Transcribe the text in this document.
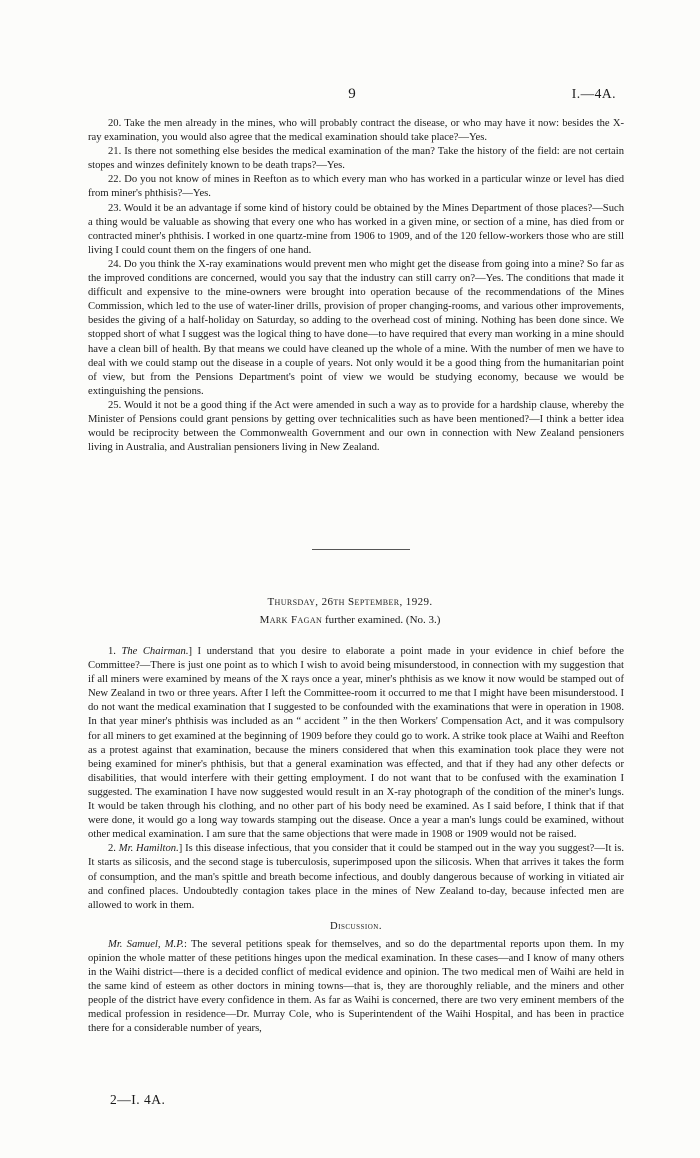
9	I.—4A.

20. Take the men already in the mines, who will probably contract the disease, or who may have it now: besides the X-ray examination, you would also agree that the medical examination should take place?—Yes.

21. Is there not something else besides the medical examination of the man? Take the history of the field: are not certain stopes and winzes definitely known to be death traps?—Yes.

22. Do you not know of mines in Reefton as to which every man who has worked in a particular winze or level has died from miner's phthisis?—Yes.

23. Would it be an advantage if some kind of history could be obtained by the Mines Department of those places?—Such a thing would be valuable as showing that every one who has worked in a given mine, or section of a mine, has died from or contracted miner's phthisis. I worked in one quartz-mine from 1906 to 1909, and of the 120 fellow-workers those who are still living I could count them on the fingers of one hand.

24. Do you think the X-ray examinations would prevent men who might get the disease from going into a mine? So far as the improved conditions are concerned, would you say that the industry can still carry on?—Yes. The conditions that made it difficult and expensive to the mine-owners were brought into operation because of the recommendations of the Mines Commission, which led to the use of water-liner drills, provision of proper changing-rooms, and various other improvements, besides the giving of a half-holiday on Saturday, so adding to the overhead cost of mining. Nothing has been done since. We stopped short of what I suggest was the logical thing to have done—to have required that every man working in a mine should have a clean bill of health. By that means we could have cleaned up the whole of a mine. With the number of men we have to deal with we could stamp out the disease in a couple of years. Not only would it be a good thing from the humanitarian point of view, but from the Pensions Department's point of view we would be studying economy, because we would be extinguishing the pensions.

25. Would it not be a good thing if the Act were amended in such a way as to provide for a hardship clause, whereby the Minister of Pensions could grant pensions by getting over technicalities such as have been mentioned?—I think a better idea would be reciprocity between the Commonwealth Government and our own in connection with New Zealand pensioners living in Australia, and Australian pensioners living in New Zealand.

Thursday, 26th September, 1929.
Mark Fagan further examined. (No. 3.)

1. The Chairman.] I understand that you desire to elaborate a point made in your evidence in chief before the Committee?—There is just one point as to which I wish to avoid being misunderstood, in connection with my suggestion that if all miners were examined by means of the X rays once a year, miner's phthisis as we know it now would be stamped out of New Zealand in two or three years. After I left the Committee-room it occurred to me that I might have been misunderstood. I do not want the medical examination that I suggested to be confounded with the examinations that were in operation in 1908. In that year miner's phthisis was included as an “ accident ” in the then Workers' Compensation Act, and it was compulsory for all miners to get examined at the beginning of 1909 before they could go to work. A strike took place at Waihi and Reefton as a protest against that examination, because the miners considered that when this examination took place they were not being examined for miner's phthisis, but that a general examination was effected, and that if they had any other defects or disabilities, that would interfere with their getting employment. I do not want that to be confused with the examination I suggested. The examination I have now suggested would result in an X-ray photograph of the condition of the miner's lungs. It would be taken through his clothing, and no other part of his body need be examined. As I said before, I think that if that were done, it would go a long way towards stamping out the disease. Once a year a man's lungs could be examined, without other medical examination. I am sure that the same objections that were made in 1908 or 1909 would not be raised.

2. Mr. Hamilton.] Is this disease infectious, that you consider that it could be stamped out in the way you suggest?—It is. It starts as silicosis, and the second stage is tuberculosis, superimposed upon the silicosis. When that arrives it takes the form of consumption, and the man's spittle and breath become infectious, and doubly dangerous because of working in vitiated air and confined places. Undoubtedly contagion takes place in the mines of New Zealand to-day, because infected men are allowed to work in them.

Discussion.

Mr. Samuel, M.P.: The several petitions speak for themselves, and so do the departmental reports upon them. In my opinion the whole matter of these petitions hinges upon the medical examination. In these cases—and I know of many others in the Waihi district—there is a decided conflict of medical evidence and opinion. The two medical men of Waihi are held in the same kind of esteem as other doctors in mining towns—that is, they are thoroughly reliable, and the miners and other people of the district have every confidence in them. As far as Waihi is concerned, there are two very eminent members of the medical profession in residence—Dr. Murray Cole, who is Superintendent of the Waihi Hospital, and has been in practice there for a considerable number of years,

2—I. 4A.
